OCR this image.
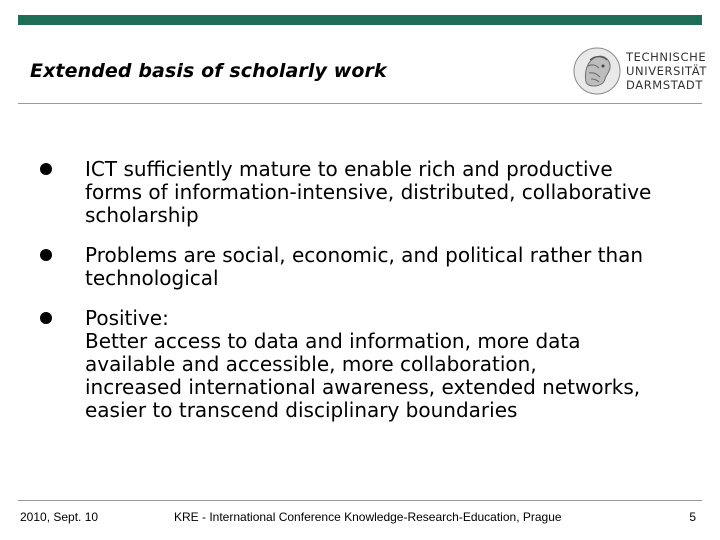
Extended basis of scholarly work
TECHNISCHE
UNIVERSITÄT
DARMSTADT
ICT sufficiently mature to enable rich and productive
forms of information-intensive, distributed, collaborative
scholarship
Problems are social, economic, and political rather than
technological
Positive:
Better access to data and information, more data
available and accessible, more collaboration,
increased international awareness, extended networks,
easier to transcend disciplinary boundaries
2010, Sept. 10	KRE - International Conference Knowledge-Research-Education, Prague	5
